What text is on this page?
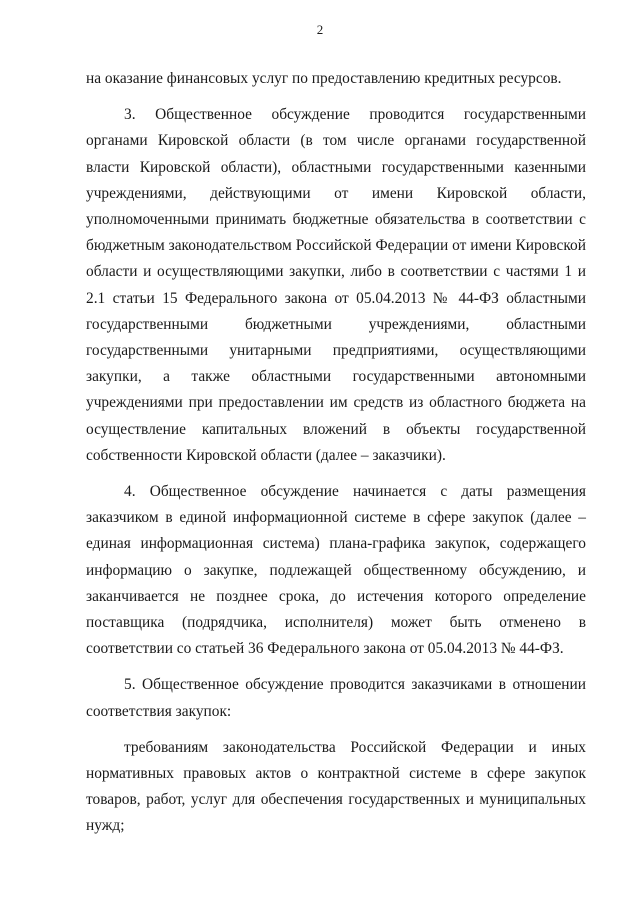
2

на оказание финансовых услуг по предоставлению кредитных ресурсов.

3. Общественное обсуждение проводится государственными органами Кировской области (в том числе органами государственной власти Кировской области), областными государственными казенными учреждениями, действующими от имени Кировской области, уполномоченными принимать бюджетные обязательства в соответствии с бюджетным законодательством Российской Федерации от имени Кировской области и осуществляющими закупки, либо в соответствии с частями 1 и 2.1 статьи 15 Федерального закона от 05.04.2013 № 44-ФЗ областными государственными бюджетными учреждениями, областными государственными унитарными предприятиями, осуществляющими закупки, а также областными государственными автономными учреждениями при предоставлении им средств из областного бюджета на осуществление капитальных вложений в объекты государственной собственности Кировской области (далее – заказчики).

4. Общественное обсуждение начинается с даты размещения заказчиком в единой информационной системе в сфере закупок (далее – единая информационная система) плана-графика закупок, содержащего информацию о закупке, подлежащей общественному обсуждению, и заканчивается не позднее срока, до истечения которого определение поставщика (подрядчика, исполнителя) может быть отменено в соответствии со статьей 36 Федерального закона от 05.04.2013 № 44-ФЗ.

5. Общественное обсуждение проводится заказчиками в отношении соответствия закупок:

требованиям законодательства Российской Федерации и иных нормативных правовых актов о контрактной системе в сфере закупок товаров, работ, услуг для обеспечения государственных и муниципальных нужд;
